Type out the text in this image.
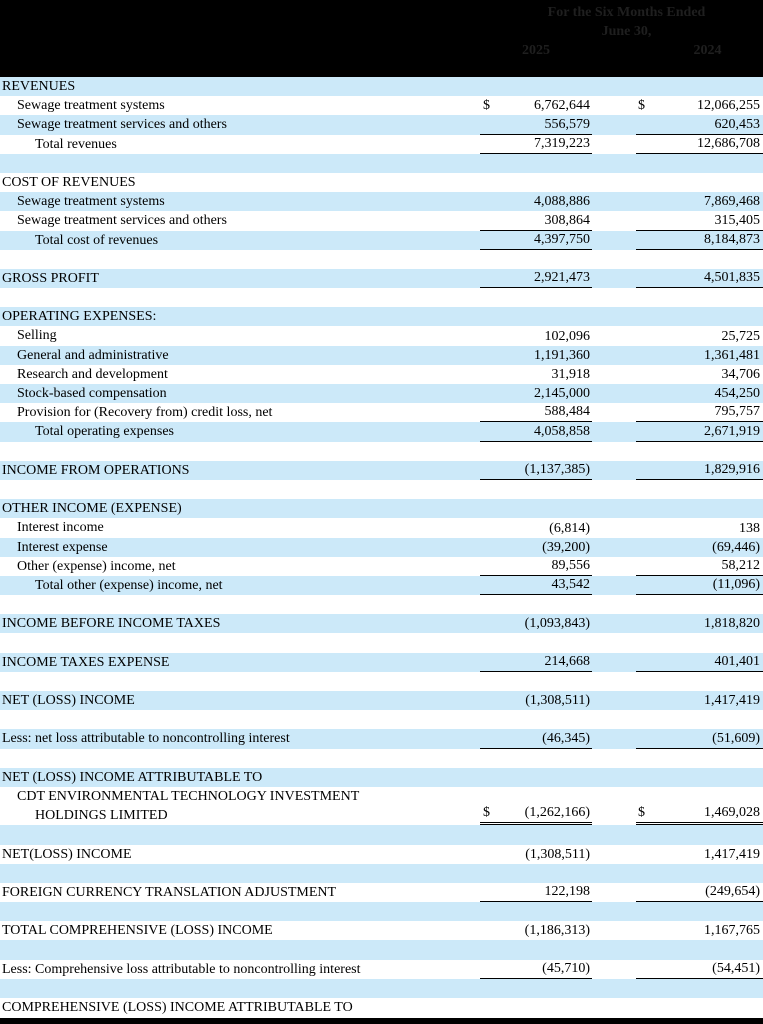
For the Six Months Ended
June 30,
2025	2024
REVENUES
Sewage treatment systems	$	6,762,644	$	12,066,255
Sewage treatment services and others	556,579	620,453
Total revenues	7,319,223	12,686,708
COST OF REVENUES
Sewage treatment systems	4,088,886	7,869,468
Sewage treatment services and others	308,864	315,405
Total cost of revenues	4,397,750	8,184,873
GROSS PROFIT	2,921,473	4,501,835
OPERATING EXPENSES:
Selling	102,096	25,725
General and administrative	1,191,360	1,361,481
Research and development	31,918	34,706
Stock-based compensation	2,145,000	454,250
Provision for (Recovery from) credit loss, net	588,484	795,757
Total operating expenses	4,058,858	2,671,919
INCOME FROM OPERATIONS	(1,137,385)	1,829,916
OTHER INCOME (EXPENSE)
Interest income	(6,814)	138
Interest expense	(39,200)	(69,446)
Other (expense) income, net	89,556	58,212
Total other (expense) income, net	43,542	(11,096)
INCOME BEFORE INCOME TAXES	(1,093,843)	1,818,820
INCOME TAXES EXPENSE	214,668	401,401
NET (LOSS) INCOME	(1,308,511)	1,417,419
Less: net loss attributable to noncontrolling interest	(46,345)	(51,609)
NET (LOSS) INCOME ATTRIBUTABLE TO
CDT ENVIRONMENTAL TECHNOLOGY INVESTMENT
HOLDINGS LIMITED	$ (1,262,166)	$	1,469,028
NET(LOSS) INCOME	(1,308,511)	1,417,419
FOREIGN CURRENCY TRANSLATION ADJUSTMENT	122,198	(249,654)
TOTAL COMPREHENSIVE (LOSS) INCOME	(1,186,313)	1,167,765
Less: Comprehensive loss attributable to noncontrolling interest	(45,710)	(54,451)
COMPREHENSIVE (LOSS) INCOME ATTRIBUTABLE TO
